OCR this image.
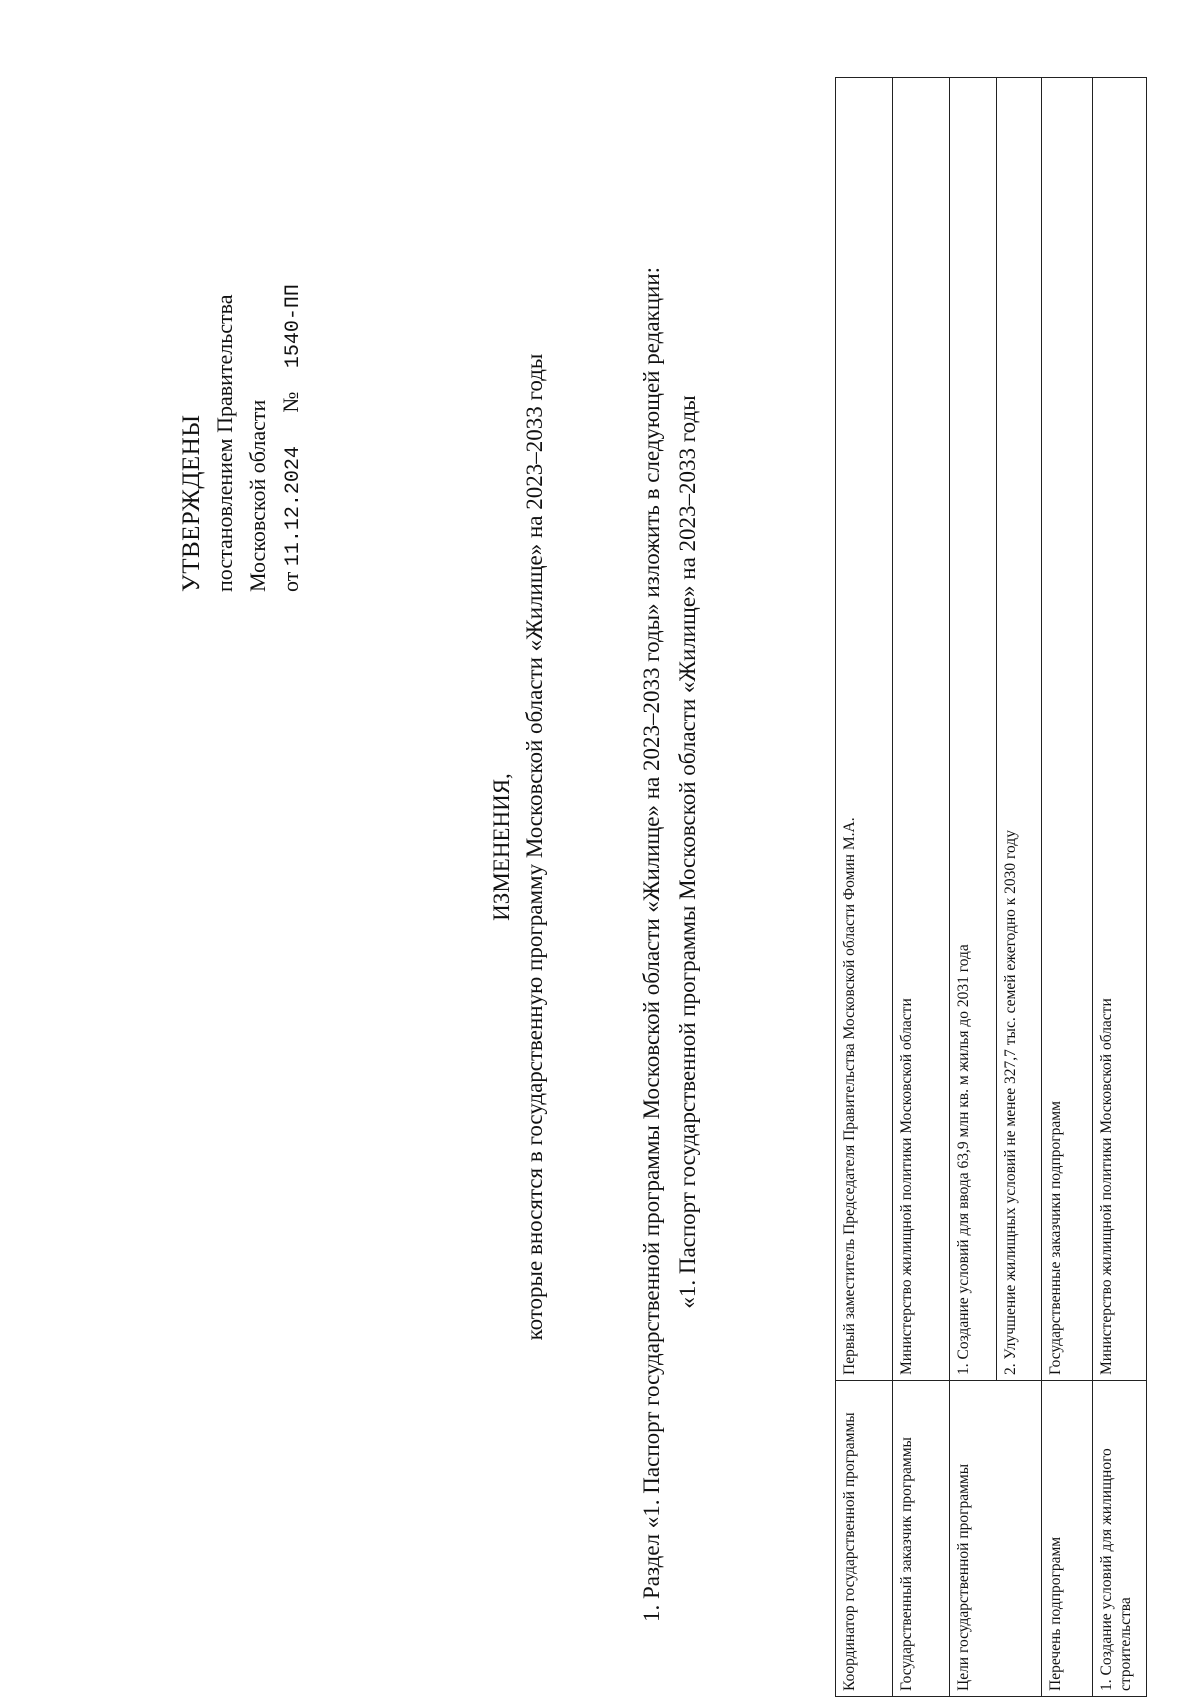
УТВЕРЖДЕНЫ постановлением Правительства Московской области от 11.12.2024 № 1540-ПП
ИЗМЕНЕНИЯ, которые вносятся в государственную программу Московской области «Жилище» на 2023–2033 годы	1. Раздел «1. Паспорт государственной программы Московской области «Жилище» на 2023–2033 годы» изложить в следующей редакции: «1. Паспорт государственной программы Московской области «Жилище» на 2023–2033 годы
Координатор государственной программы	Первый заместитель Председателя Правительства Московской области Фомин М.А.
Государственный заказчик программы	Министерство жилищной политики Московской области
Цели государственной программы	1. Создание условий для ввода 63,9 млн кв. м жилья до 2031 года
	2. Улучшение жилищных условий не менее 327,7 тыс. семей ежегодно к 2030 году
Перечень подпрограмм	Государственные заказчики подпрограмм
1. Создание условий для жилищного строительства	Министерство жилищной политики Московской области
